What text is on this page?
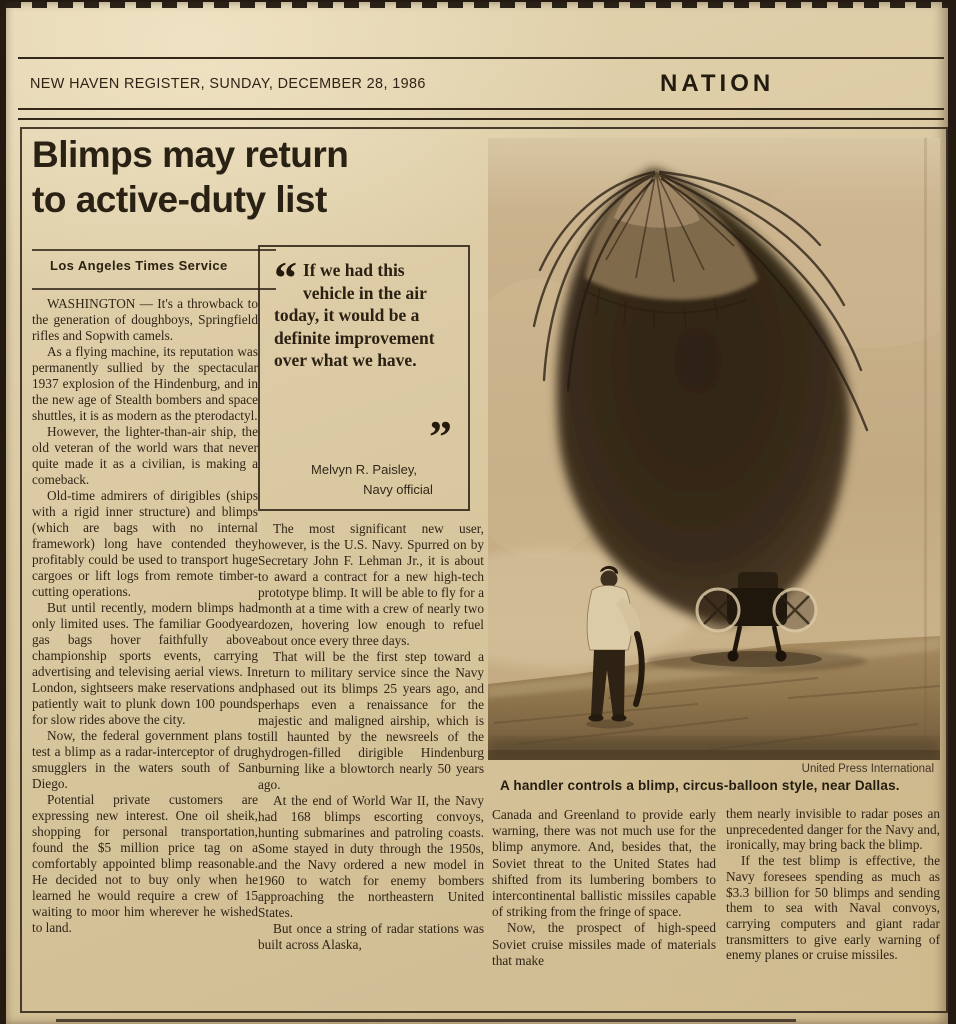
NEW HAVEN REGISTER, SUNDAY, DECEMBER 28, 1986	NATION
Blimps may return
to active-duty list
Los Angeles Times Service

WASHINGTON — It's a throwback to the generation of doughboys, Springfield rifles and Sopwith camels.

As a flying machine, its reputation was permanently sullied by the spectacular 1937 explosion of the Hindenburg, and in the new age of Stealth bombers and space shuttles, it is as modern as the pterodactyl.

However, the lighter-than-air ship, the old veteran of the world wars that never quite made it as a civilian, is making a comeback.

Old-time admirers of dirigibles (ships with a rigid inner structure) and blimps (which are bags with no internal framework) long have contended they profitably could be used to transport huge cargoes or lift logs from remote timber-cutting operations.

But until recently, modern blimps had only limited uses. The familiar Goodyear gas bags hover faithfully above championship sports events, carrying advertising and televising aerial views. In London, sightseers make reservations and patiently wait to plunk down 100 pounds for slow rides above the city.

Now, the federal government plans to test a blimp as a radar-interceptor of drug smugglers in the waters south of San Diego.

Potential private customers are expressing new interest. One oil sheik, shopping for personal transportation, found the $5 million price tag on a comfortably appointed blimp reasonable. He decided not to buy only when he learned he would require a crew of 15 waiting to moor him wherever he wished to land.

“ If we had this vehicle in the air today, it would be a definite improvement over what we have.
”
Melvyn R. Paisley,
Navy official

The most significant new user, however, is the U.S. Navy. Spurred on by Secretary John F. Lehman Jr., it is about to award a contract for a new high-tech prototype blimp. It will be able to fly for a month at a time with a crew of nearly two dozen, hovering low enough to refuel about once every three days.

That will be the first step toward a return to military service since the Navy phased out its blimps 25 years ago, and perhaps even a renaissance for the majestic and maligned airship, which is still haunted by the newsreels of the hydrogen-filled dirigible Hindenburg burning like a blowtorch nearly 50 years ago.

At the end of World War II, the Navy had 168 blimps escorting convoys, hunting submarines and patroling coasts. Some stayed in duty through the 1950s, and the Navy ordered a new model in 1960 to watch for enemy bombers approaching the northeastern United States.

But once a string of radar stations was built across Alaska,

United Press International
A handler controls a blimp, circus-balloon style, near Dallas.

Canada and Greenland to provide early warning, there was not much use for the blimp anymore. And, besides that, the Soviet threat to the United States had shifted from its lumbering bombers to intercontinental ballistic missiles capable of striking from the fringe of space.

Now, the prospect of high-speed Soviet cruise missiles made of materials that make

them nearly invisible to radar poses an unprecedented danger for the Navy and, ironically, may bring back the blimp.

If the test blimp is effective, the Navy foresees spending as much as $3.3 billion for 50 blimps and sending them to sea with Naval convoys, carrying computers and giant radar transmitters to give early warning of enemy planes or cruise missiles.
